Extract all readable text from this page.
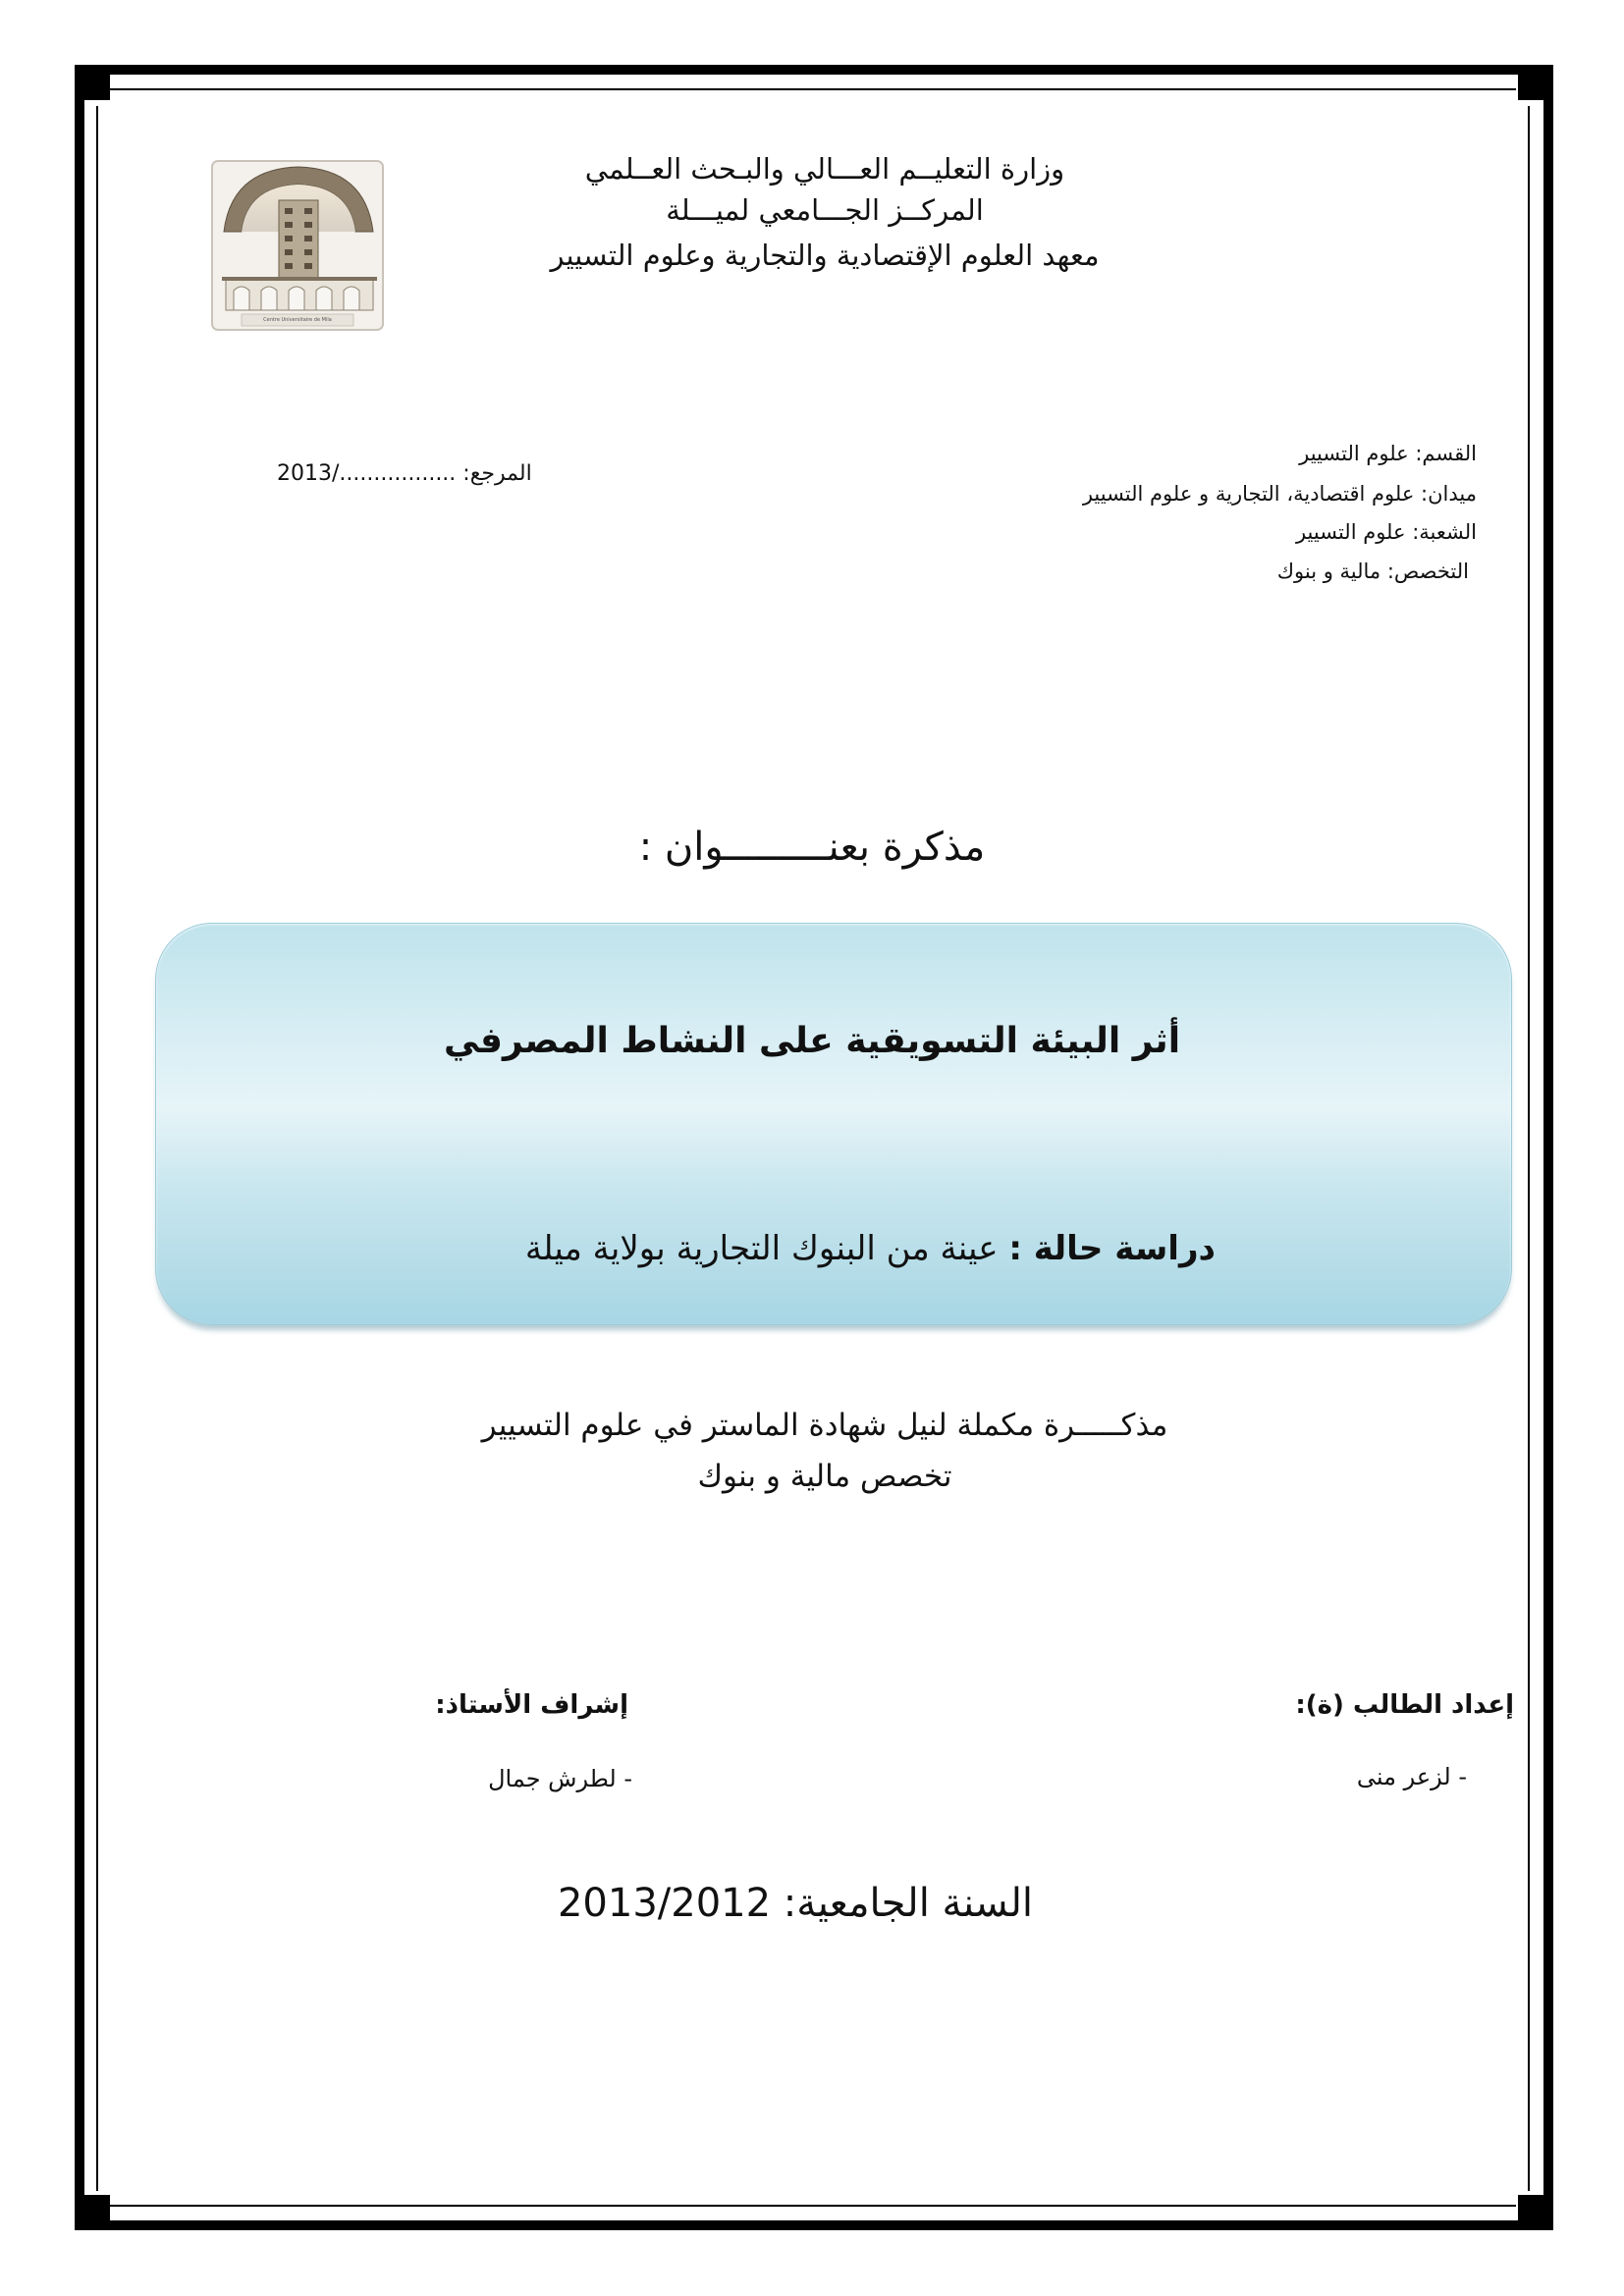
Centre Universitaire de Mila
وزارة التعليــم العـــالي والبـحث العــلمي
المركــز الجـــامعي لميـــلة
معهد العلوم الإقتصادية والتجارية وعلوم التسيير
القسم: علوم التسيير
ميدان: علوم اقتصادية، التجارية و علوم التسيير
الشعبة: علوم التسيير
التخصص: مالية و بنوك
المرجع: ................./2013
مذكرة بعنـــــــــوان :
أثر البيئة التسويقية على النشاط المصرفي
دراسة حالة : عينة من البنوك التجارية بولاية ميلة
مذكـــــرة مكملة لنيل شهادة الماستر في علوم التسيير
تخصص مالية و بنوك
إعداد الطالب (ة):
- لزعر منى
إشراف الأستاذ:
- لطرش جمال
السنة الجامعية: 2013/2012
